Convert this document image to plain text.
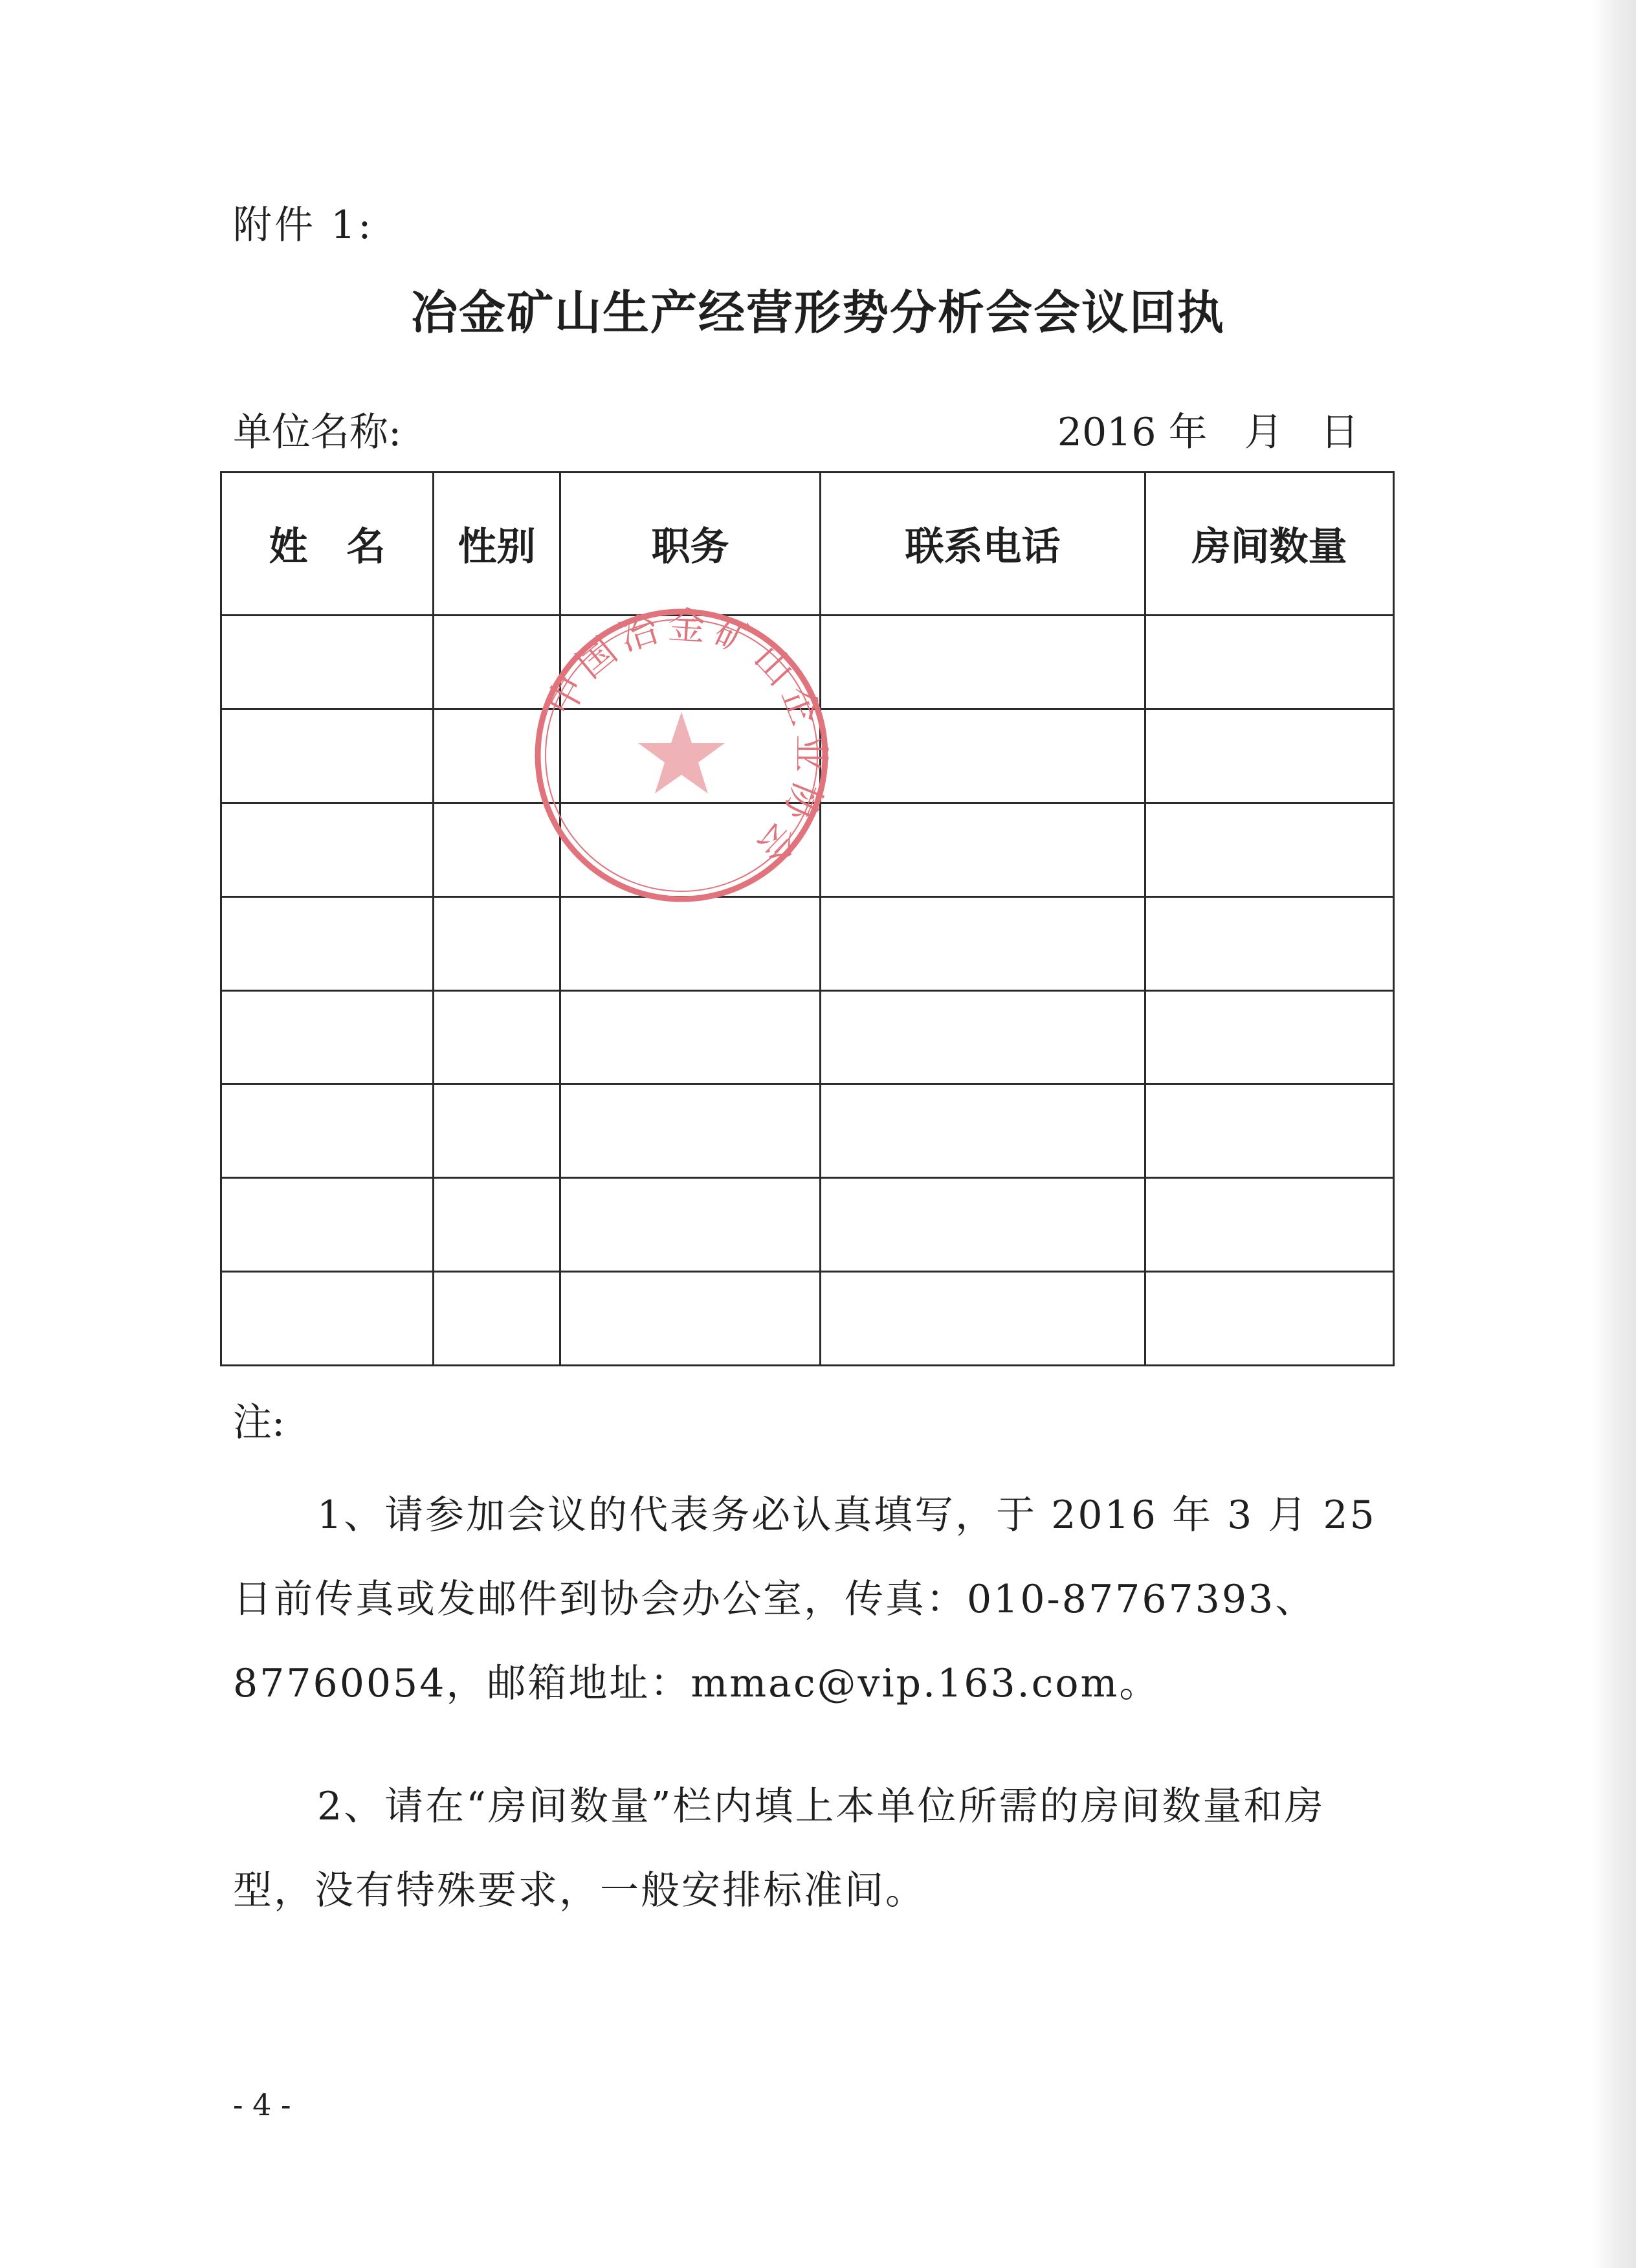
附件 1:
冶金矿山生产经营形势分析会会议回执
单位名称:	2016 年   月   日
姓　名	性别	职务	联系电话	房间数量

中国冶金矿山企业协会
注:

1、请参加会议的代表务必认真填写，于 2016 年 3 月 25 日前传真或发邮件到协会办公室，传真：010-87767393、87760054，邮箱地址：mmac@vip.163.com。

2、请在“房间数量”栏内填上本单位所需的房间数量和房型，没有特殊要求，一般安排标准间。

- 4 -
